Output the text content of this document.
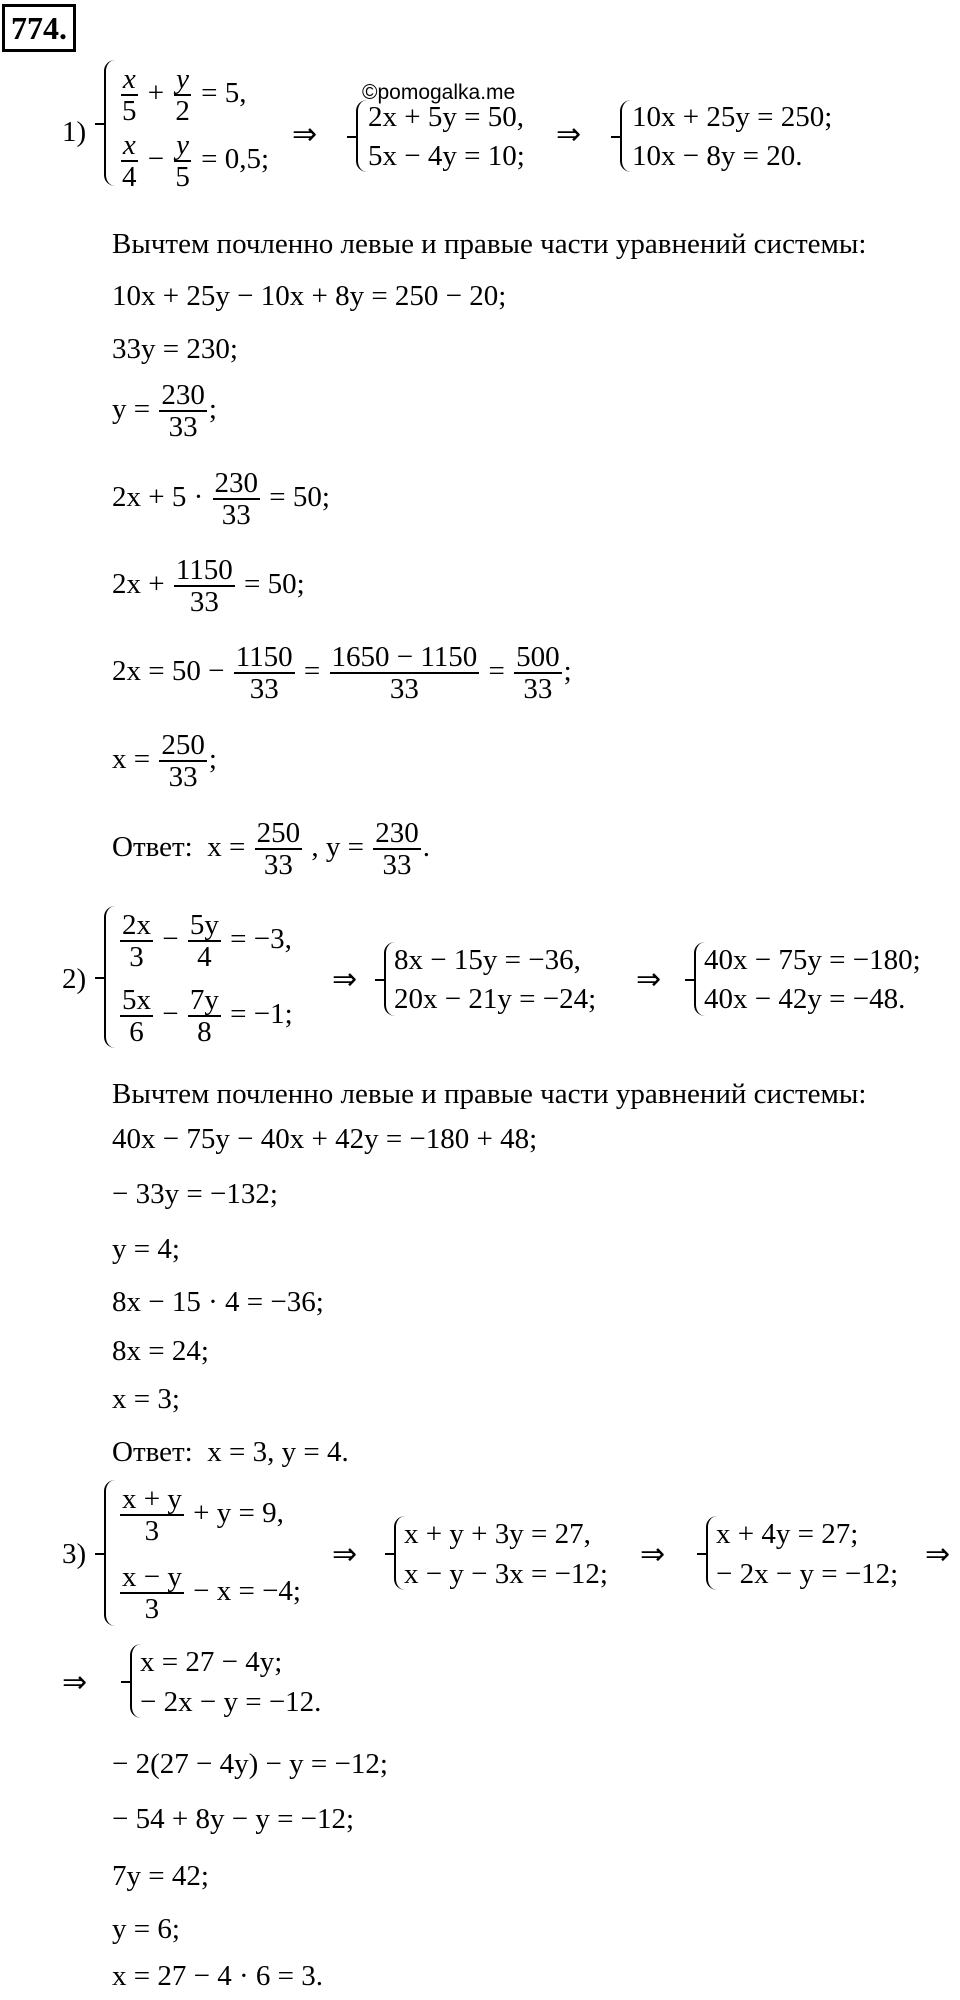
774.
1)
$\frac{x}{5} + \frac{y}{2} = 5$,
$\frac{x}{4} - \frac{y}{5} = 0,5$;
⇒
©pomogalka.me
2x + 5y = 50,
5x − 4y = 10;
⇒ 10x + 25y = 250;
10x − 8y = 20.
Вычтем почленно левые и правые части уравнений системы:
10x + 25y − 10x + 8y = 250 − 20;
33y = 230;
$y = \frac{230}{33}$ ;
$2x + 5 \cdot \frac{230}{33} = 50$;
$2x + \frac{1150}{33} = 50$;
$2x = 50 - \frac{1150}{33} = \frac{1650 - 1150}{33} = \frac{500}{33}$ ;
$x = \frac{250}{33}$ ;
Ответ: $x = \frac{250}{33}$ , $y = \frac{230}{33}$ .
2)
$\frac{2x}{3} - \frac{5y}{4} = -3$,
$\frac{5x}{6} - \frac{7y}{8} = -1$;
⇒
8x − 15y = −36,
20x − 21y = −24;
⇒
40x − 75y = −180;
40x − 42y = −48.
Вычтем почленно левые и правые части уравнений системы:
40x − 75y − 40x + 42y = −180 + 48;
− 33y = −132;
y = 4;
8x − 15 · 4 = −36;
8x = 24;
x = 3;
Ответ: x = 3, y = 4.
3)
$\frac{x + y}{3} + y = 9$,
$\frac{x - y}{3} - x = -4$;
⇒
x + y + 3y = 27,
x − y − 3x = −12;
⇒
x + 4y = 27;
− 2x − y = −12;
⇒
⇒
x = 27 − 4y;
− 2x − y = −12.
− 2(27 − 4y) − y = −12;
− 54 + 8y − y = −12;
7y = 42;
y = 6;
x = 27 − 4 · 6 = 3.
